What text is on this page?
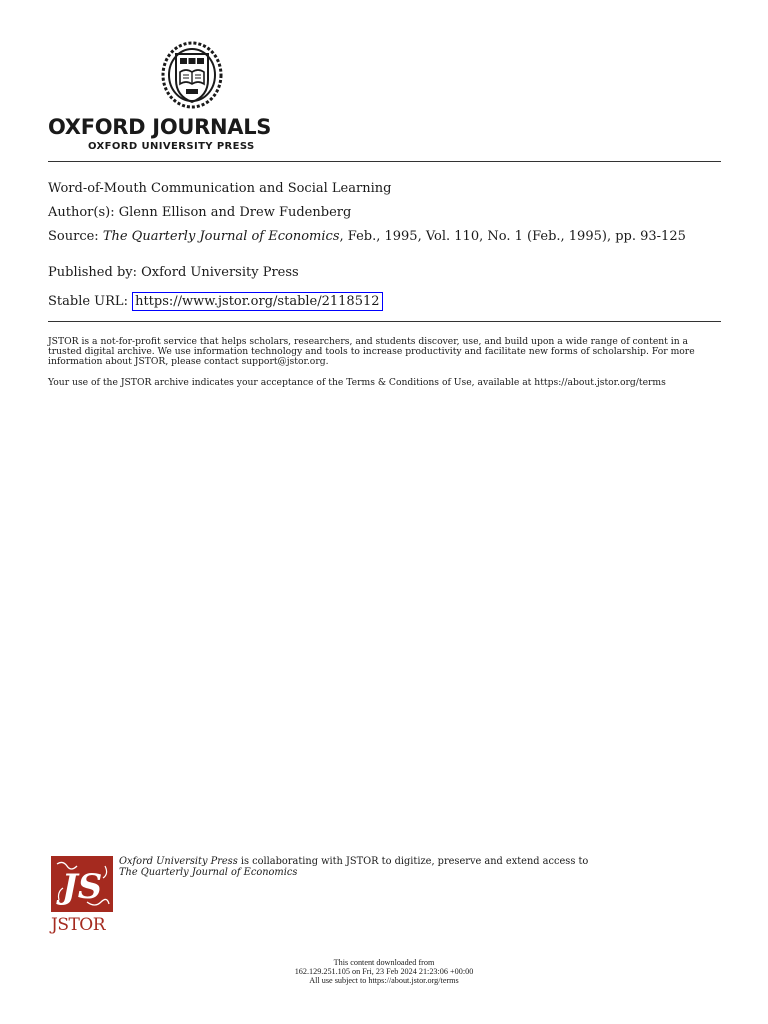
OXFORD JOURNALS
OXFORD UNIVERSITY PRESS
Word-of-Mouth Communication and Social Learning
Author(s): Glenn Ellison and Drew Fudenberg
Source: The Quarterly Journal of Economics, Feb., 1995, Vol. 110, No. 1 (Feb., 1995), pp. 93-125
Published by: Oxford University Press
Stable URL: https://www.jstor.org/stable/2118512
JSTOR is a not-for-profit service that helps scholars, researchers, and students discover, use, and build upon a wide range of content in a trusted digital archive. We use information technology and tools to increase productivity and facilitate new forms of scholarship. For more information about JSTOR, please contact support@jstor.org.
Your use of the JSTOR archive indicates your acceptance of the Terms & Conditions of Use, available at https://about.jstor.org/terms
JS
JSTOR
Oxford University Press is collaborating with JSTOR to digitize, preserve and extend access to
The Quarterly Journal of Economics
This content downloaded from
162.129.251.105 on Fri, 23 Feb 2024 21:23:06 +00:00
All use subject to https://about.jstor.org/terms
